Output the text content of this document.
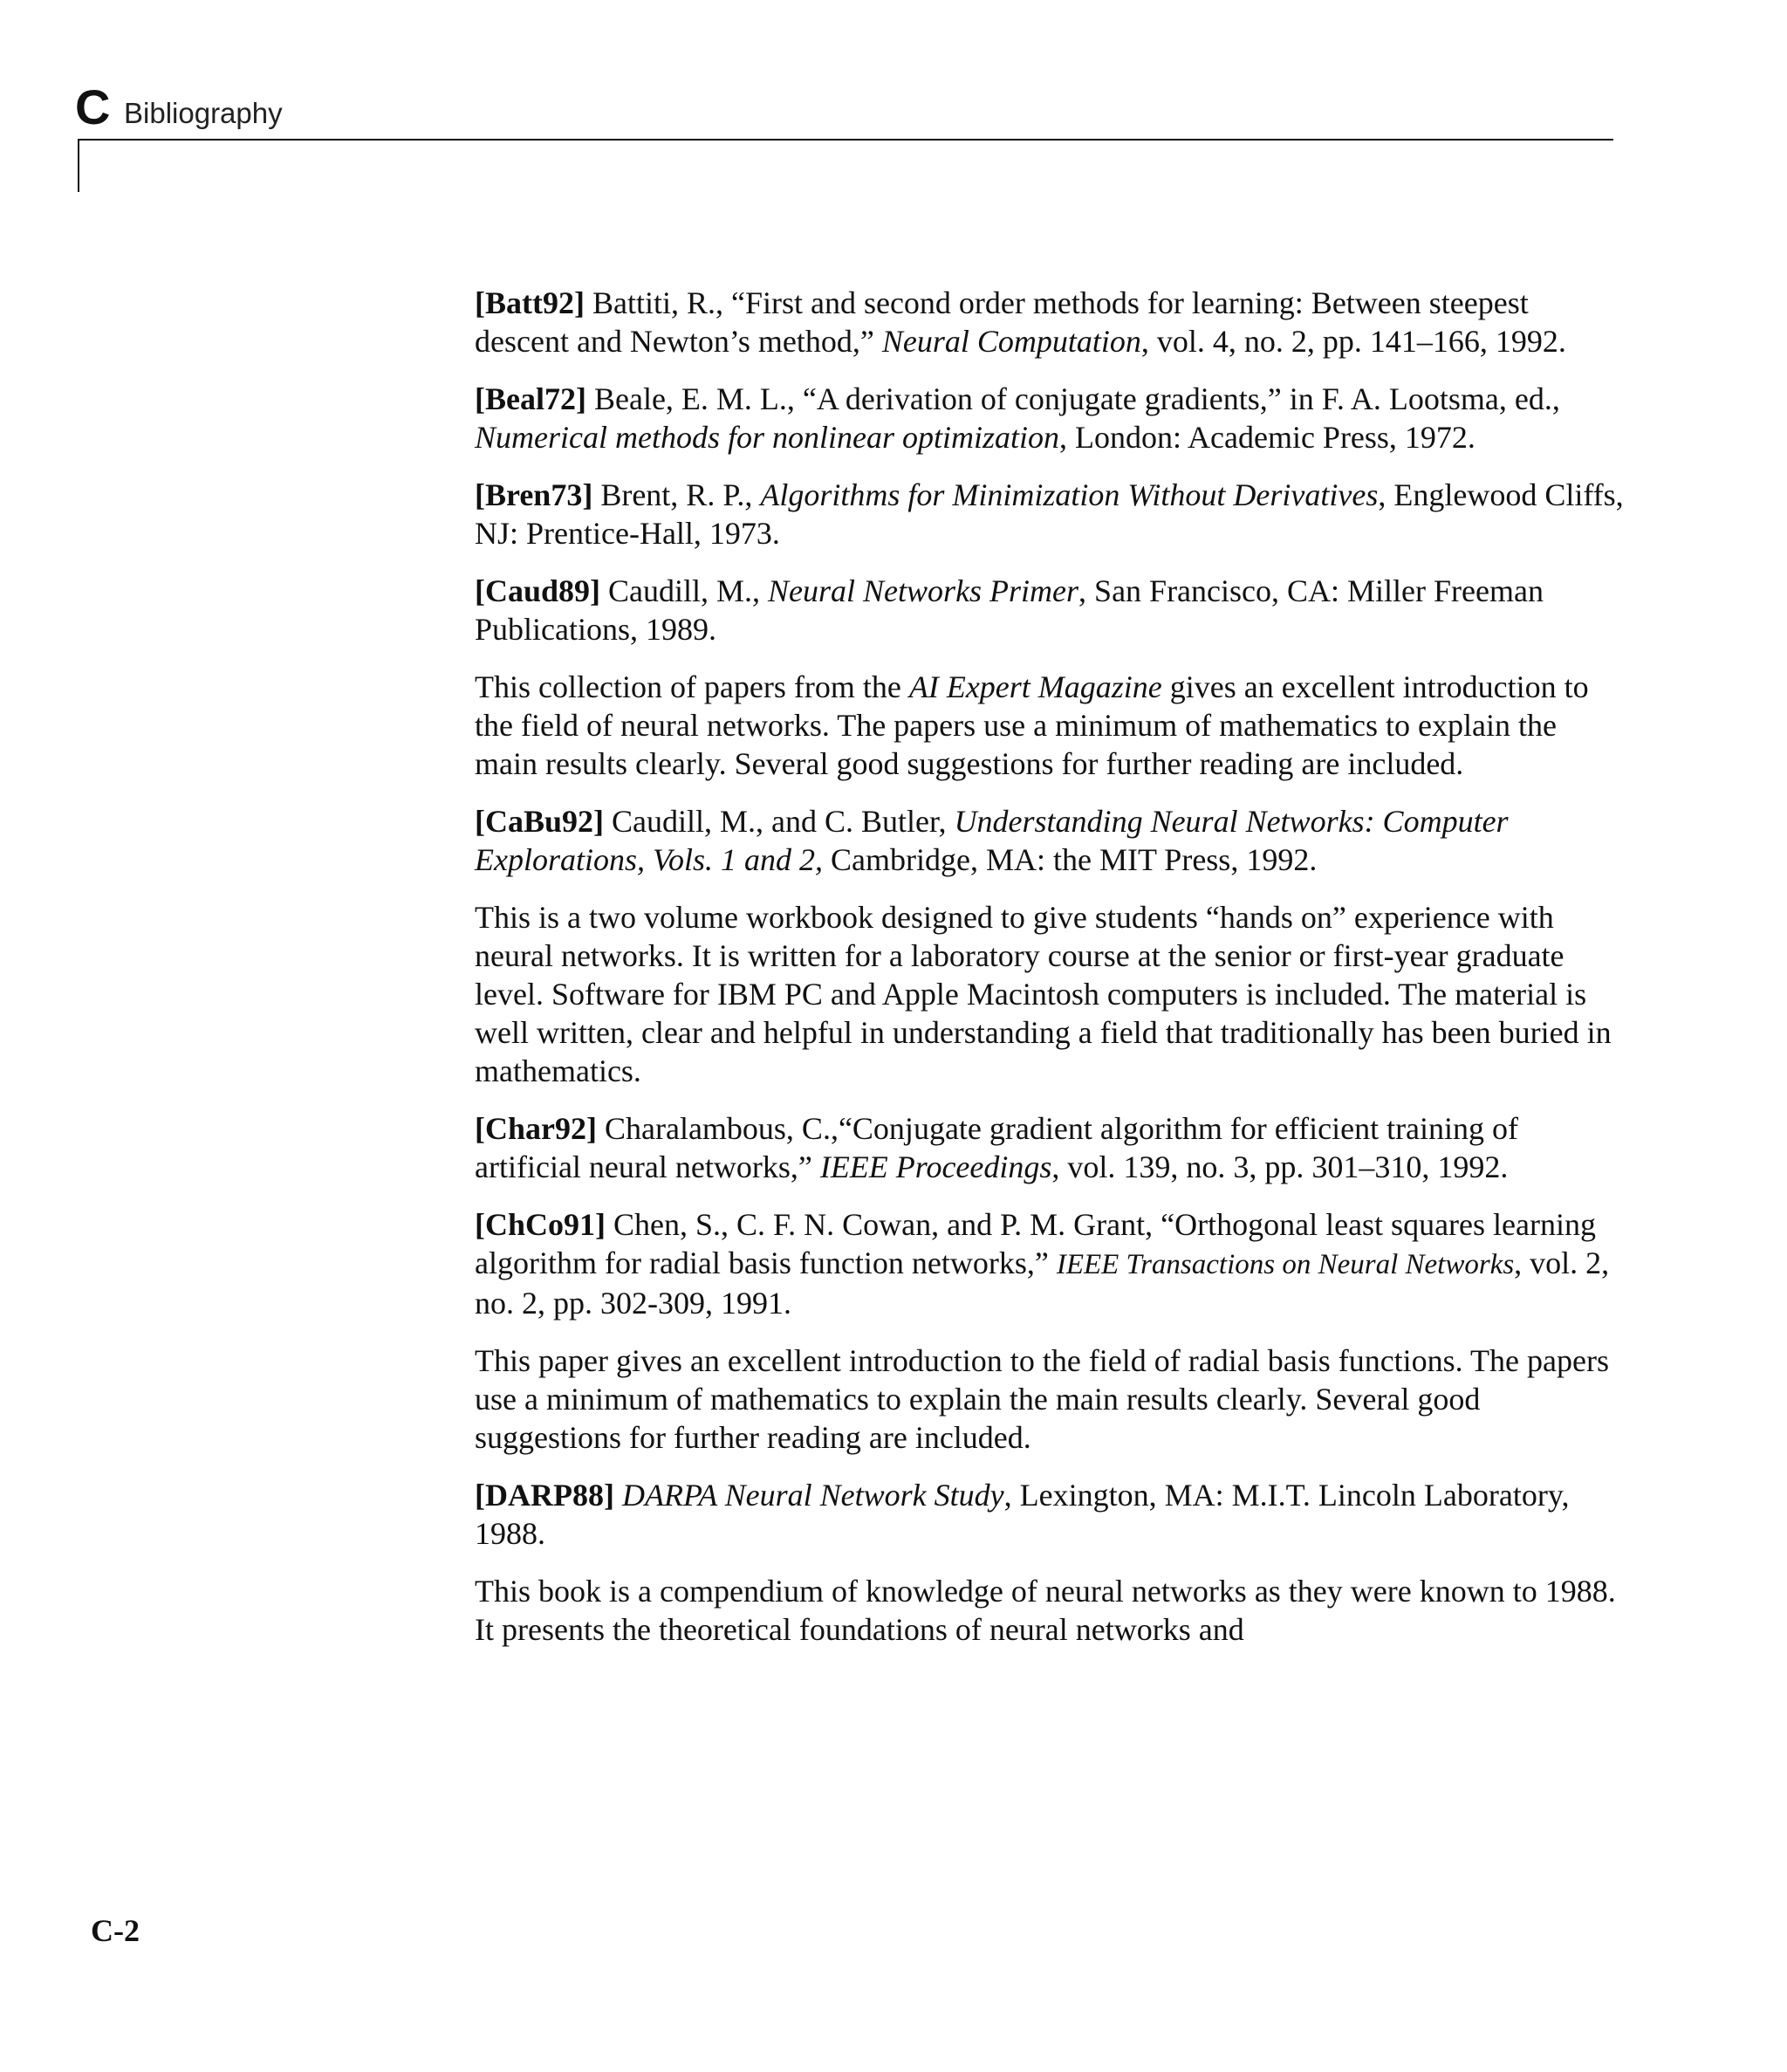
C Bibliography

[Batt92] Battiti, R., “First and second order methods for learning: Between steepest descent and Newton’s method,” Neural Computation, vol. 4, no. 2, pp. 141–166, 1992.

[Beal72] Beale, E. M. L., “A derivation of conjugate gradients,” in F. A. Lootsma, ed., Numerical methods for nonlinear optimization, London: Academic Press, 1972.

[Bren73] Brent, R. P., Algorithms for Minimization Without Derivatives, Englewood Cliffs, NJ: Prentice-Hall, 1973.

[Caud89] Caudill, M., Neural Networks Primer, San Francisco, CA: Miller Freeman Publications, 1989.

This collection of papers from the AI Expert Magazine gives an excellent introduction to the field of neural networks. The papers use a minimum of mathematics to explain the main results clearly. Several good suggestions for further reading are included.

[CaBu92] Caudill, M., and C. Butler, Understanding Neural Networks: Computer Explorations, Vols. 1 and 2, Cambridge, MA: the MIT Press, 1992.

This is a two volume workbook designed to give students “hands on” experience with neural networks. It is written for a laboratory course at the senior or first-year graduate level. Software for IBM PC and Apple Macintosh computers is included. The material is well written, clear and helpful in understanding a field that traditionally has been buried in mathematics.

[Char92] Charalambous, C.,“Conjugate gradient algorithm for efficient training of artificial neural networks,” IEEE Proceedings, vol. 139, no. 3, pp. 301–310, 1992.

[ChCo91] Chen, S., C. F. N. Cowan, and P. M. Grant, “Orthogonal least squares learning algorithm for radial basis function networks,” IEEE Transactions on Neural Networks, vol. 2, no. 2, pp. 302-309, 1991.

This paper gives an excellent introduction to the field of radial basis functions. The papers use a minimum of mathematics to explain the main results clearly. Several good suggestions for further reading are included.

[DARP88] DARPA Neural Network Study, Lexington, MA: M.I.T. Lincoln Laboratory, 1988.

This book is a compendium of knowledge of neural networks as they were known to 1988. It presents the theoretical foundations of neural networks and

C-2
